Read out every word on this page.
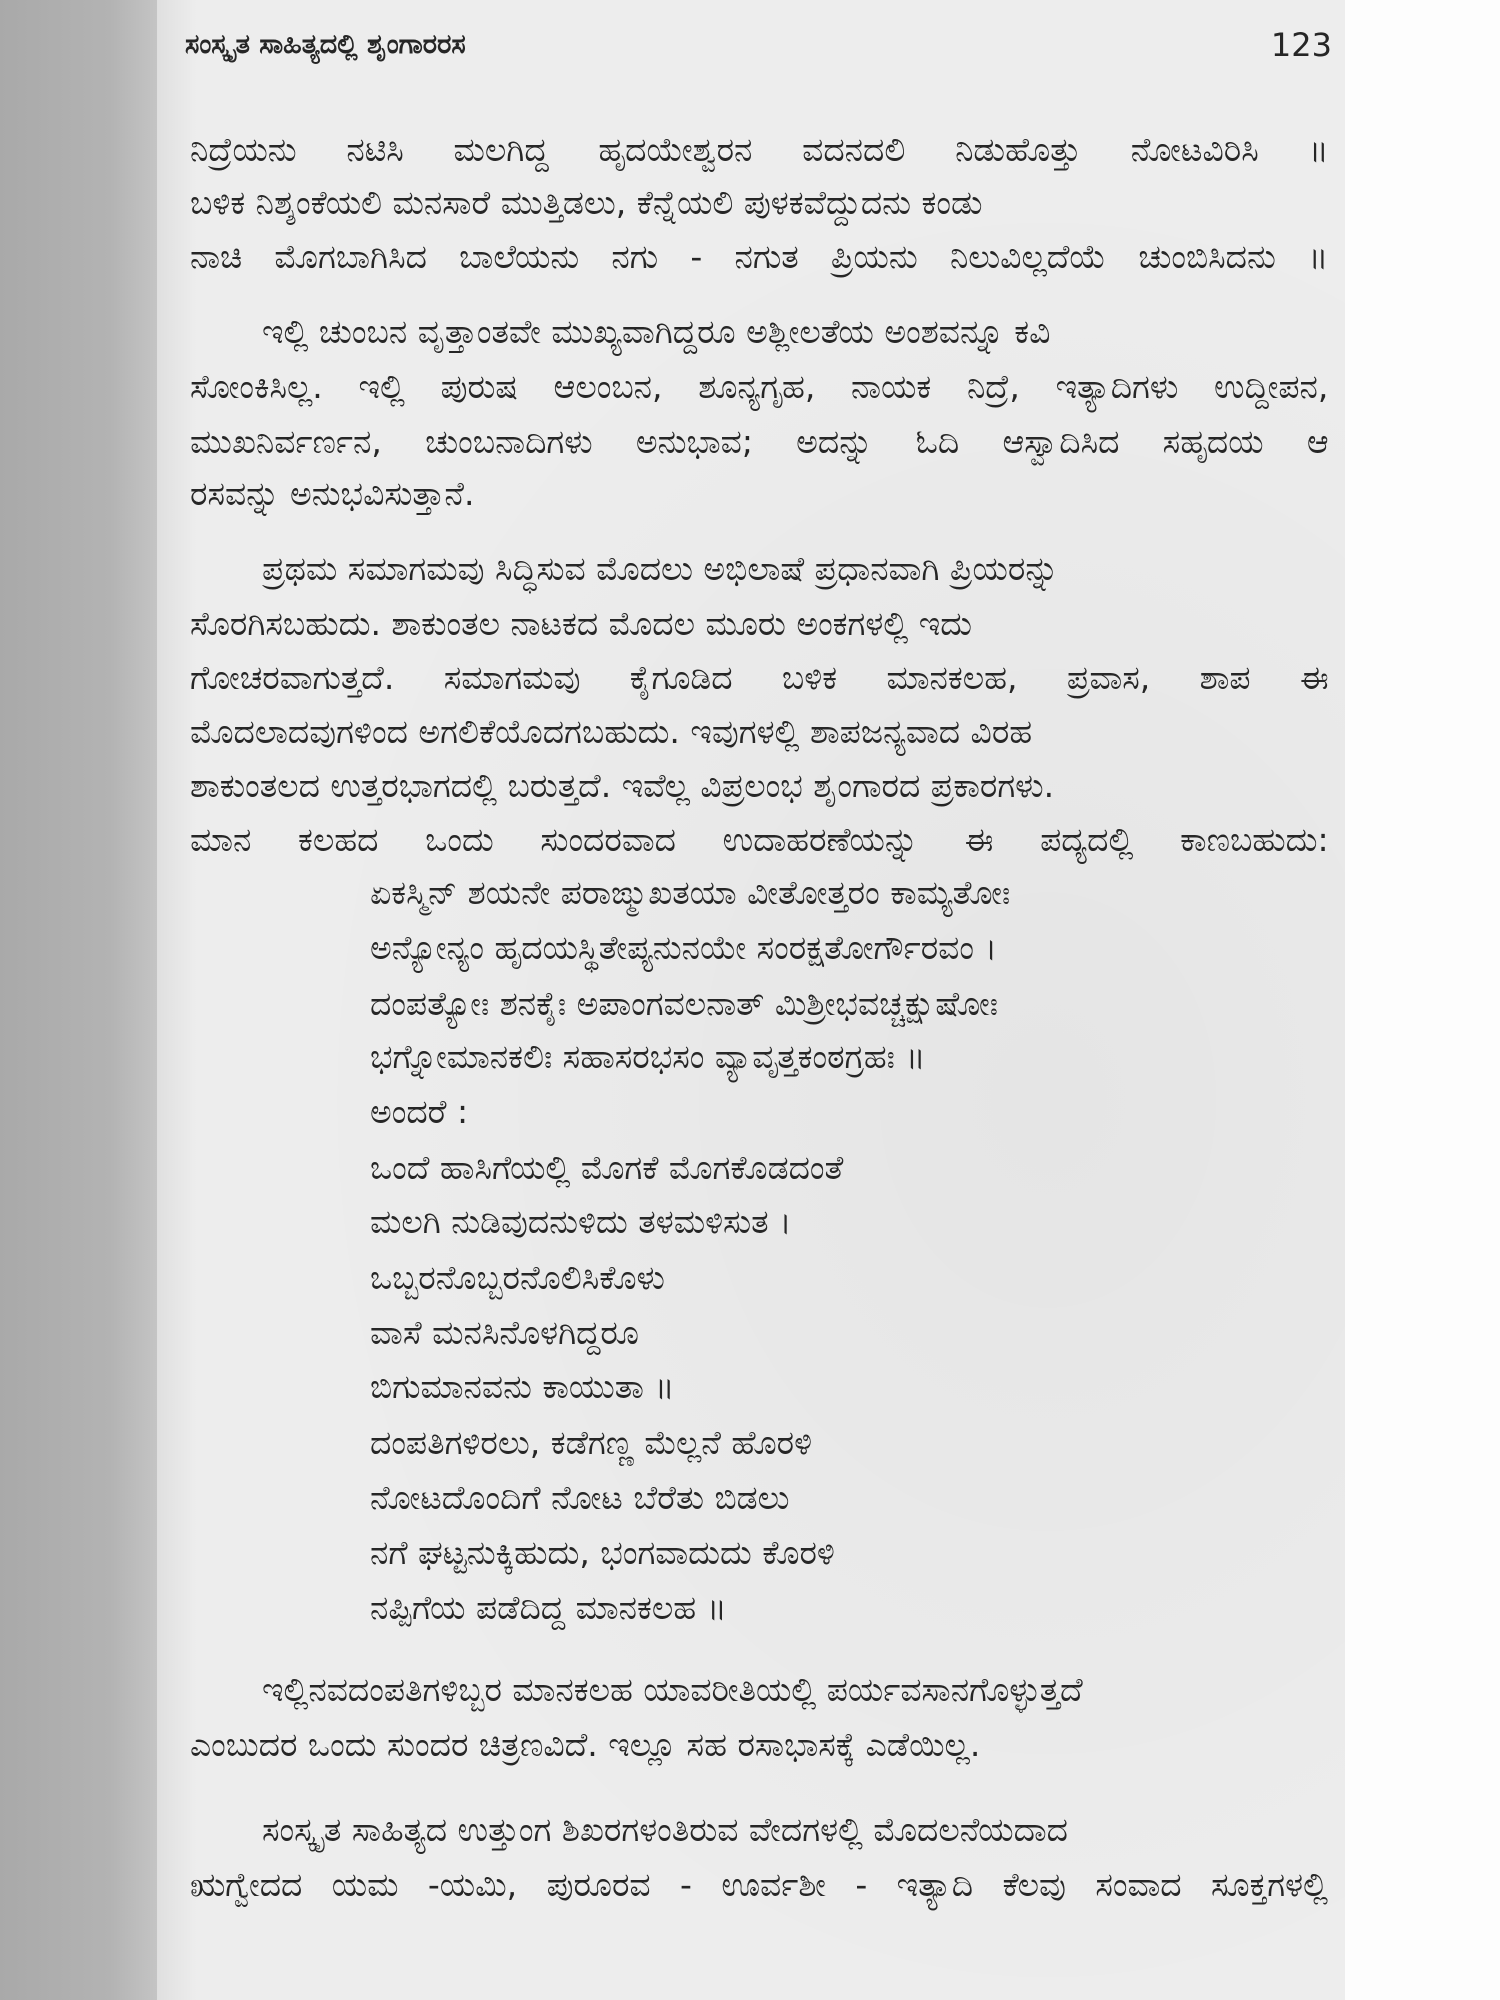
ಸಂಸ್ಕೃತ ಸಾಹಿತ್ಯದಲ್ಲಿ ಶೃಂಗಾರರಸ	123
ನಿದ್ರೆಯನು ನಟಿಸಿ ಮಲಗಿದ್ದ ಹೃದಯೇಶ್ವರನ ವದನದಲಿ ನಿಡುಹೊತ್ತು ನೋಟವಿರಿಸಿ ॥
ಬಳಿಕ ನಿಶ್ಶಂಕೆಯಲಿ ಮನಸಾರೆ ಮುತ್ತಿಡಲು, ಕೆನ್ನೆಯಲಿ ಪುಳಕವೆದ್ದುದನು ಕಂಡು
ನಾಚಿ ಮೊಗಬಾಗಿಸಿದ ಬಾಲೆಯನು ನಗು - ನಗುತ ಪ್ರಿಯನು ನಿಲುವಿಲ್ಲದೆಯೆ ಚುಂಬಿಸಿದನು ॥
ಇಲ್ಲಿ ಚುಂಬನ ವೃತ್ತಾಂತವೇ ಮುಖ್ಯವಾಗಿದ್ದರೂ ಅಶ್ಲೀಲತೆಯ ಅಂಶವನ್ನೂ ಕವಿ
ಸೋಂಕಿಸಿಲ್ಲ. ಇಲ್ಲಿ ಪುರುಷ ಆಲಂಬನ, ಶೂನ್ಯಗೃಹ, ನಾಯಕ ನಿದ್ರೆ, ಇತ್ಯಾದಿಗಳು ಉದ್ದೀಪನ,
ಮುಖನಿರ್ವರ್ಣನ, ಚುಂಬನಾದಿಗಳು ಅನುಭಾವ; ಅದನ್ನು ಓದಿ ಆಸ್ವಾದಿಸಿದ ಸಹೃದಯ ಆ
ರಸವನ್ನು ಅನುಭವಿಸುತ್ತಾನೆ.
ಪ್ರಥಮ ಸಮಾಗಮವು ಸಿದ್ಧಿಸುವ ಮೊದಲು ಅಭಿಲಾಷೆ ಪ್ರಧಾನವಾಗಿ ಪ್ರಿಯರನ್ನು
ಸೊರಗಿಸಬಹುದು. ಶಾಕುಂತಲ ನಾಟಕದ ಮೊದಲ ಮೂರು ಅಂಕಗಳಲ್ಲಿ ಇದು
ಗೋಚರವಾಗುತ್ತದೆ. ಸಮಾಗಮವು ಕೈಗೂಡಿದ ಬಳಿಕ ಮಾನಕಲಹ, ಪ್ರವಾಸ, ಶಾಪ ಈ
ಮೊದಲಾದವುಗಳಿಂದ ಅಗಲಿಕೆಯೊದಗಬಹುದು. ಇವುಗಳಲ್ಲಿ ಶಾಪಜನ್ಯವಾದ ವಿರಹ
ಶಾಕುಂತಲದ ಉತ್ತರಭಾಗದಲ್ಲಿ ಬರುತ್ತದೆ. ಇವೆಲ್ಲ ವಿಪ್ರಲಂಭ ಶೃಂಗಾರದ ಪ್ರಕಾರಗಳು.
ಮಾನ ಕಲಹದ ಒಂದು ಸುಂದರವಾದ ಉದಾಹರಣೆಯನ್ನು ಈ ಪದ್ಯದಲ್ಲಿ ಕಾಣಬಹುದು:
ಏಕಸ್ಮಿನ್ ಶಯನೇ ಪರಾಙ್ಮುಖತಯಾ ವೀತೋತ್ತರಂ ಕಾಮ್ಯತೋಃ
ಅನ್ಯೋನ್ಯಂ ಹೃದಯಸ್ಥಿತೇಪ್ಯನುನಯೇ ಸಂರಕ್ಷತೋರ್ಗೌರವಂ ।
ದಂಪತ್ಯೋಃ ಶನಕೈಃ ಅಪಾಂಗವಲನಾತ್ ಮಿಶ್ರೀಭವಚ್ಚಕ್ಷುಷೋಃ
ಭಗ್ನೋಮಾನಕಲಿಃ ಸಹಾಸರಭಸಂ ವ್ಯಾವೃತ್ತಕಂಠಗ್ರಹಃ ॥
ಅಂದರೆ :
ಒಂದೆ ಹಾಸಿಗೆಯಲ್ಲಿ ಮೊಗಕೆ ಮೊಗಕೊಡದಂತೆ
ಮಲಗಿ ನುಡಿವುದನುಳಿದು ತಳಮಳಿಸುತ ।
ಒಬ್ಬರನೊಬ್ಬರನೊಲಿಸಿಕೊಳು
ವಾಸೆ ಮನಸಿನೊಳಗಿದ್ದರೂ
ಬಿಗುಮಾನವನು ಕಾಯುತಾ ॥
ದಂಪತಿಗಳಿರಲು, ಕಡೆಗಣ್ಣ ಮೆಲ್ಲನೆ ಹೊರಳಿ
ನೋಟದೊಂದಿಗೆ ನೋಟ ಬೆರೆತು ಬಿಡಲು
ನಗೆ ಘಟ್ಟನುಕ್ಕಿಹುದು, ಭಂಗವಾದುದು ಕೊರಳಿ
ನಪ್ಪಿಗೆಯ ಪಡೆದಿದ್ದ ಮಾನಕಲಹ ॥
ಇಲ್ಲಿನವದಂಪತಿಗಳಿಬ್ಬರ ಮಾನಕಲಹ ಯಾವರೀತಿಯಲ್ಲಿ ಪರ್ಯವಸಾನಗೊಳ್ಳುತ್ತದೆ
ಎಂಬುದರ ಒಂದು ಸುಂದರ ಚಿತ್ರಣವಿದೆ. ಇಲ್ಲೂ ಸಹ ರಸಾಭಾಸಕ್ಕೆ ಎಡೆಯಿಲ್ಲ.
ಸಂಸ್ಕೃತ ಸಾಹಿತ್ಯದ ಉತ್ತುಂಗ ಶಿಖರಗಳಂತಿರುವ ವೇದಗಳಲ್ಲಿ ಮೊದಲನೆಯದಾದ
ಋಗ್ವೇದದ ಯಮ -ಯಮಿ, ಪುರೂರವ - ಊರ್ವಶೀ - ಇತ್ಯಾದಿ ಕೆಲವು ಸಂವಾದ ಸೂಕ್ತಗಳಲ್ಲಿ
